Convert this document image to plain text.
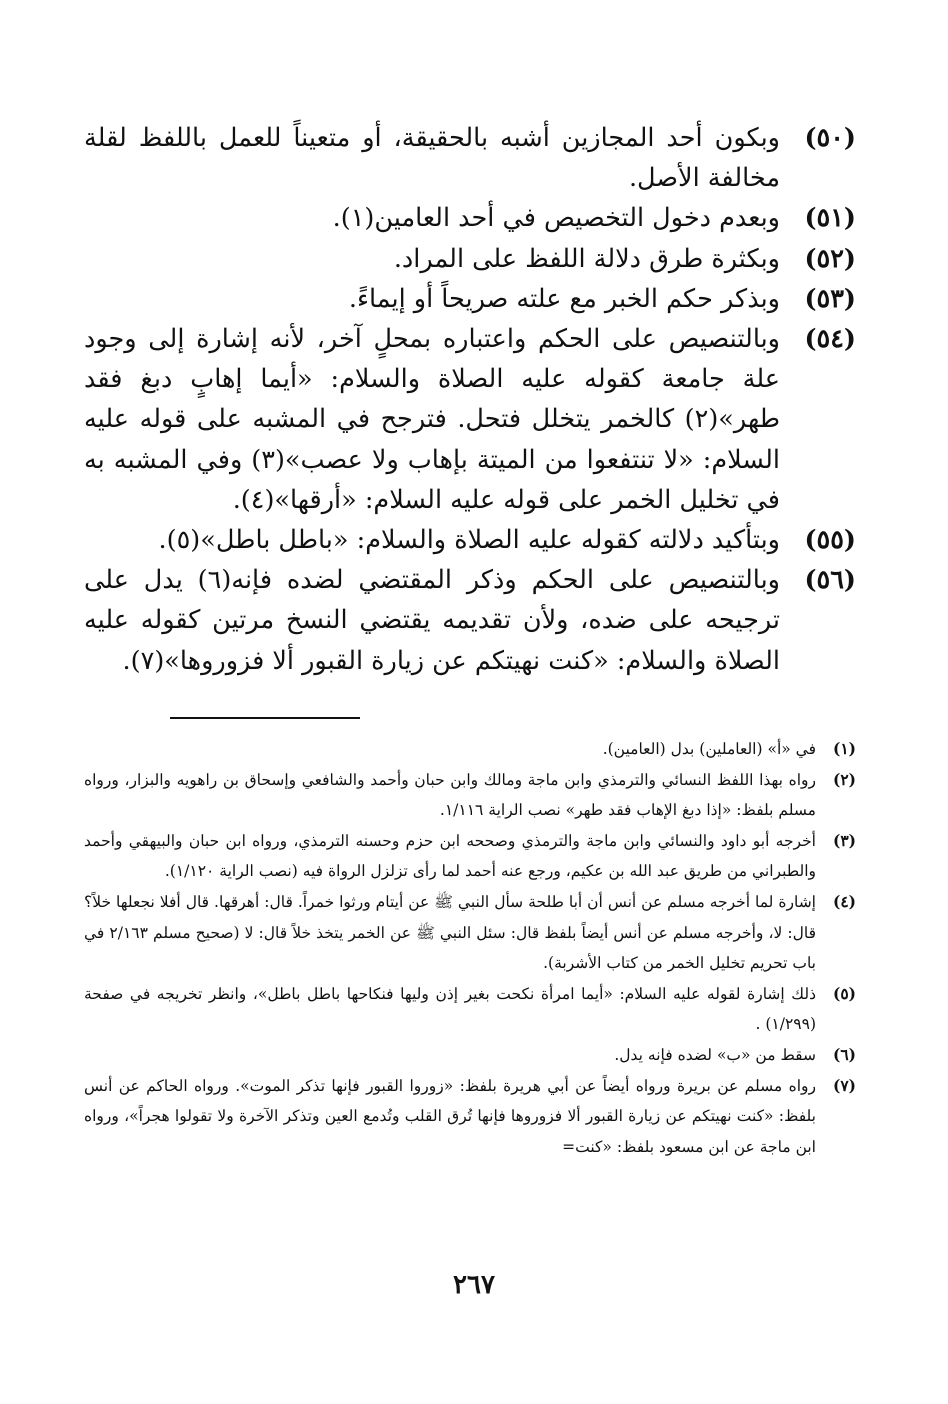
(٥٠)وبكون أحد المجازين أشبه بالحقيقة، أو متعيناً للعمل باللفظ لقلة مخالفة الأصل.
(٥١)وبعدم دخول التخصيص في أحد العامين(١).
(٥٢)وبكثرة طرق دلالة اللفظ على المراد.
(٥٣)وبذكر حكم الخبر مع علته صريحاً أو إيماءً.
(٥٤)وبالتنصيص على الحكم واعتباره بمحلٍ آخر، لأنه إشارة إلى وجود علة جامعة كقوله عليه الصلاة والسلام: «أيما إهابٍ دبغ فقد طهر»(٢) كالخمر يتخلل فتحل. فترجح في المشبه على قوله عليه السلام: «لا تنتفعوا من الميتة بإهاب ولا عصب»(٣) وفي المشبه به في تخليل الخمر على قوله عليه السلام: «أرقها»(٤).
(٥٥)وبتأكيد دلالته كقوله عليه الصلاة والسلام: «باطل باطل»(٥).
(٥٦)وبالتنصيص على الحكم وذكر المقتضي لضده فإنه(٦) يدل على ترجيحه على ضده، ولأن تقديمه يقتضي النسخ مرتين كقوله عليه الصلاة والسلام: «كنت نهيتكم عن زيارة القبور ألا فزوروها»(٧).
(١)في «أ» (العاملين) بدل (العامين).
(٢)رواه بهذا اللفظ النسائي والترمذي وابن ماجة ومالك وابن حبان وأحمد والشافعي وإسحاق بن راهويه والبزار، ورواه مسلم بلفظ: «إذا دبغ الإهاب فقد طهر» نصب الراية ١/١١٦.
(٣)أخرجه أبو داود والنسائي وابن ماجة والترمذي وصححه ابن حزم وحسنه الترمذي، ورواه ابن حبان والبيهقي وأحمد والطبراني من طريق عبد الله بن عكيم، ورجع عنه أحمد لما رأى تزلزل الرواة فيه (نصب الراية ١/١٢٠).
(٤)إشارة لما أخرجه مسلم عن أنس أن أبا طلحة سأل النبي ﷺ عن أيتام ورثوا خمراً. قال: أهرقها. قال أفلا نجعلها خلاً؟ قال: لا، وأخرجه مسلم عن أنس أيضاً بلفظ قال: سئل النبي ﷺ عن الخمر يتخذ خلاً قال: لا (صحيح مسلم ٢/١٦٣ في باب تحريم تخليل الخمر من كتاب الأشربة).
(٥)ذلك إشارة لقوله عليه السلام: «أيما امرأة نكحت بغير إذن وليها فنكاحها باطل باطل»، وانظر تخريجه في صفحة (١/٢٩٩) .
(٦)سقط من «ب» لضده فإنه يدل.
(٧)رواه مسلم عن بريرة ورواه أيضاً عن أبي هريرة بلفظ: «زوروا القبور فإنها تذكر الموت». ورواه الحاكم عن أنس بلفظ: «كنت نهيتكم عن زيارة القبور ألا فزوروها فإنها تُرق القلب وتُدمع العين وتذكر الآخرة ولا تقولوا هجراً»، ورواه ابن ماجة عن ابن مسعود بلفظ: «كنت=
٢٦٧
